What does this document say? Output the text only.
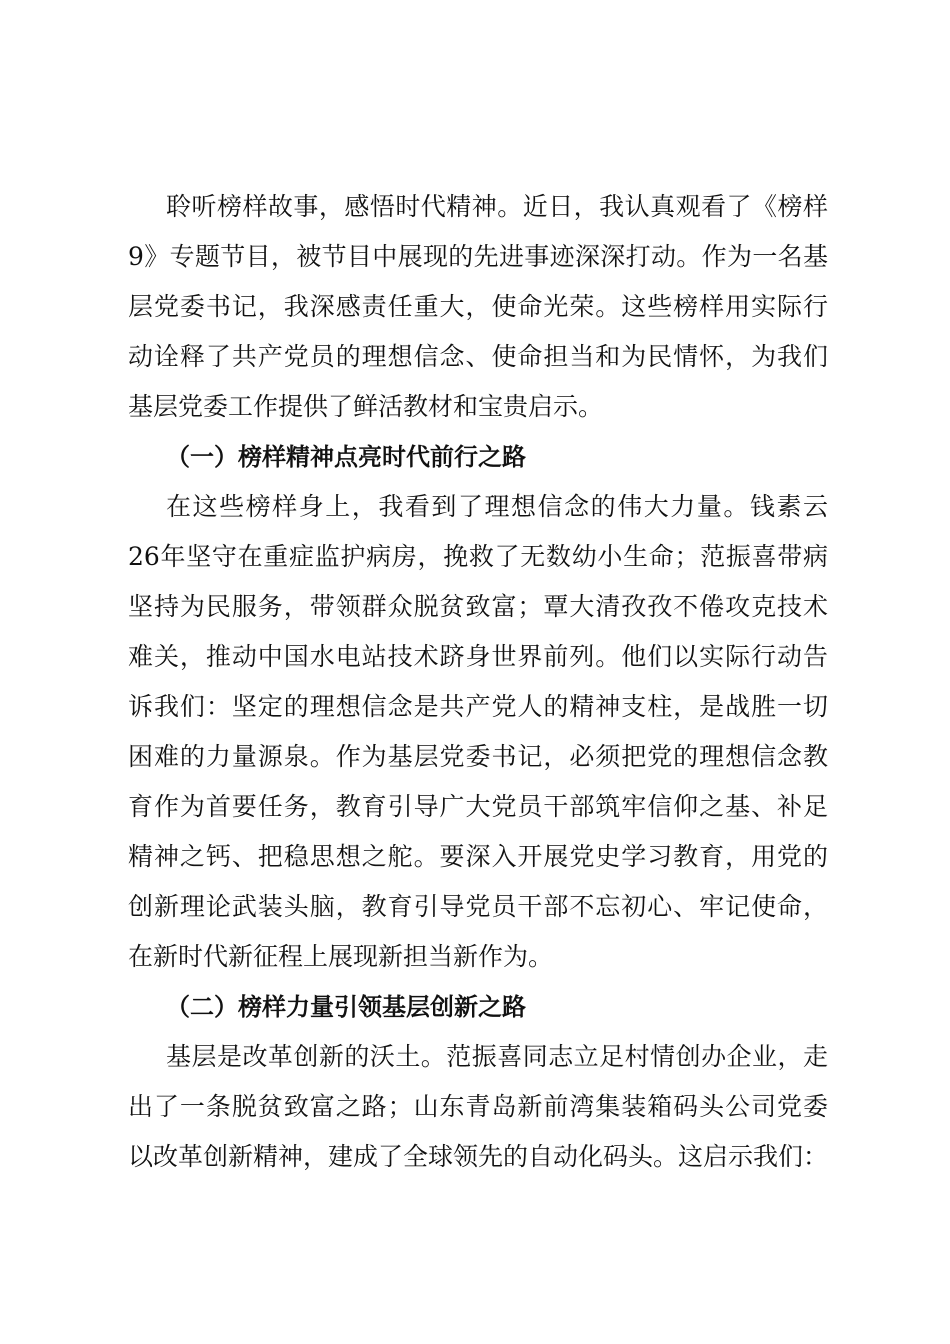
聆听榜样故事，感悟时代精神。近日，我认真观看了《榜样
9》专题节目，被节目中展现的先进事迹深深打动。作为一名基
层党委书记，我深感责任重大，使命光荣。这些榜样用实际行
动诠释了共产党员的理想信念、使命担当和为民情怀，为我们
基层党委工作提供了鲜活教材和宝贵启示。
（一）榜样精神点亮时代前行之路
在这些榜样身上，我看到了理想信念的伟大力量。钱素云
26年坚守在重症监护病房，挽救了无数幼小生命；范振喜带病
坚持为民服务，带领群众脱贫致富；覃大清孜孜不倦攻克技术
难关，推动中国水电站技术跻身世界前列。他们以实际行动告
诉我们：坚定的理想信念是共产党人的精神支柱，是战胜一切
困难的力量源泉。作为基层党委书记，必须把党的理想信念教
育作为首要任务，教育引导广大党员干部筑牢信仰之基、补足
精神之钙、把稳思想之舵。要深入开展党史学习教育，用党的
创新理论武装头脑，教育引导党员干部不忘初心、牢记使命，
在新时代新征程上展现新担当新作为。
（二）榜样力量引领基层创新之路
基层是改革创新的沃土。范振喜同志立足村情创办企业，走
出了一条脱贫致富之路；山东青岛新前湾集装箱码头公司党委
以改革创新精神，建成了全球领先的自动化码头。这启示我们：
